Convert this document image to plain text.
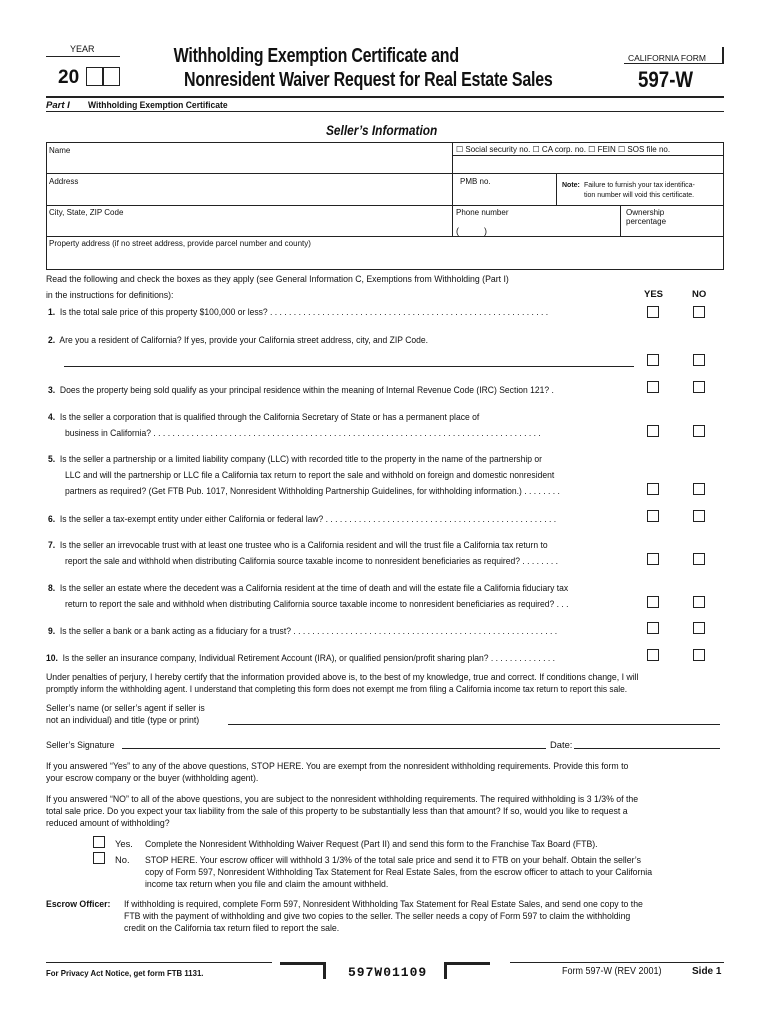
YEAR
20
Withholding Exemption Certificate and
Nonresident Waiver Request for Real Estate Sales
CALIFORNIA FORM
597-W
Part I Withholding Exemption Certificate
Seller’s Information
Name	☐ Social security no. ☐ CA corp. no. ☐ FEIN ☐ SOS file no.
Address	PMB no.	Note: Failure to furnish your tax identifica-
tion number will void this certificate.
City, State, ZIP Code	Phone number
(          )
Ownership
percentage
Property address (if no street address, provide parcel number and county)
Read the following and check the boxes as they apply (see General Information C, Exemptions from Withholding (Part I)
in the instructions for definitions):	YES	NO
1. Is the total sale price of this property $100,000 or less? . . . . . . . . . . . . . . . . . . . . . . . . . . . . . . . . . . . . . . . . . . . . . . . . . . . . . . . . . . .
2. Are you a resident of California? If yes, provide your California street address, city, and ZIP Code.
3. Does the property being sold qualify as your principal residence within the meaning of Internal Revenue Code (IRC) Section 121? .
4. Is the seller a corporation that is qualified through the California Secretary of State or has a permanent place of
business in California? . . . . . . . . . . . . . . . . . . . . . . . . . . . . . . . . . . . . . . . . . . . . . . . . . . . . . . . . . . . . . . . . . . . . . . . . . . . . . . . . . .
5. Is the seller a partnership or a limited liability company (LLC) with recorded title to the property in the name of the partnership or
LLC and will the partnership or LLC file a California tax return to report the sale and withhold on foreign and domestic nonresident
partners as required? (Get FTB Pub. 1017, Nonresident Withholding Partnership Guidelines, for withholding information.) . . . . . . . .
6. Is the seller a tax-exempt entity under either California or federal law? . . . . . . . . . . . . . . . . . . . . . . . . . . . . . . . . . . . . . . . . . . . . . . . . .
7. Is the seller an irrevocable trust with at least one trustee who is a California resident and will the trust file a California tax return to
report the sale and withhold when distributing California source taxable income to nonresident beneficiaries as required? . . . . . . . .
8. Is the seller an estate where the decedent was a California resident at the time of death and will the estate file a California fiduciary tax
return to report the sale and withhold when distributing California source taxable income to nonresident beneficiaries as required? . . .
9. Is the seller a bank or a bank acting as a fiduciary for a trust? . . . . . . . . . . . . . . . . . . . . . . . . . . . . . . . . . . . . . . . . . . . . . . . . . . . . . . . .
10. Is the seller an insurance company, Individual Retirement Account (IRA), or qualified pension/profit sharing plan? . . . . . . . . . . . . . .
Under penalties of perjury, I hereby certify that the information provided above is, to the best of my knowledge, true and correct. If conditions change, I will
promptly inform the withholding agent. I understand that completing this form does not exempt me from filing a California income tax return to report this sale.
Seller’s name (or seller’s agent if seller is
not an individual) and title (type or print)
Seller’s Signature	Date:
If you answered “Yes” to any of the above questions, STOP HERE. You are exempt from the nonresident withholding requirements. Provide this form to
your escrow company or the buyer (withholding agent).
If you answered “NO” to all of the above questions, you are subject to the nonresident withholding requirements. The required withholding is 3 1/3% of the
total sale price. Do you expect your tax liability from the sale of this property to be substantially less than that amount? If so, would you like to request a
reduced amount of withholding?
Yes. Complete the Nonresident Withholding Waiver Request (Part II) and send this form to the Franchise Tax Board (FTB).
No. STOP HERE. Your escrow officer will withhold 3 1/3% of the total sale price and send it to FTB on your behalf. Obtain the seller’s
copy of Form 597, Nonresident Withholding Tax Statement for Real Estate Sales, from the escrow officer to attach to your California
income tax return when you file and claim the amount withheld.
Escrow Officer: If withholding is required, complete Form 597, Nonresident Withholding Tax Statement for Real Estate Sales, and send one copy to the
FTB with the payment of withholding and give two copies to the seller. The seller needs a copy of Form 597 to claim the withholding
credit on the California tax return filed to report the sale.
For Privacy Act Notice, get form FTB 1131.	597W01109	Form 597-W (REV 2001)	Side 1
